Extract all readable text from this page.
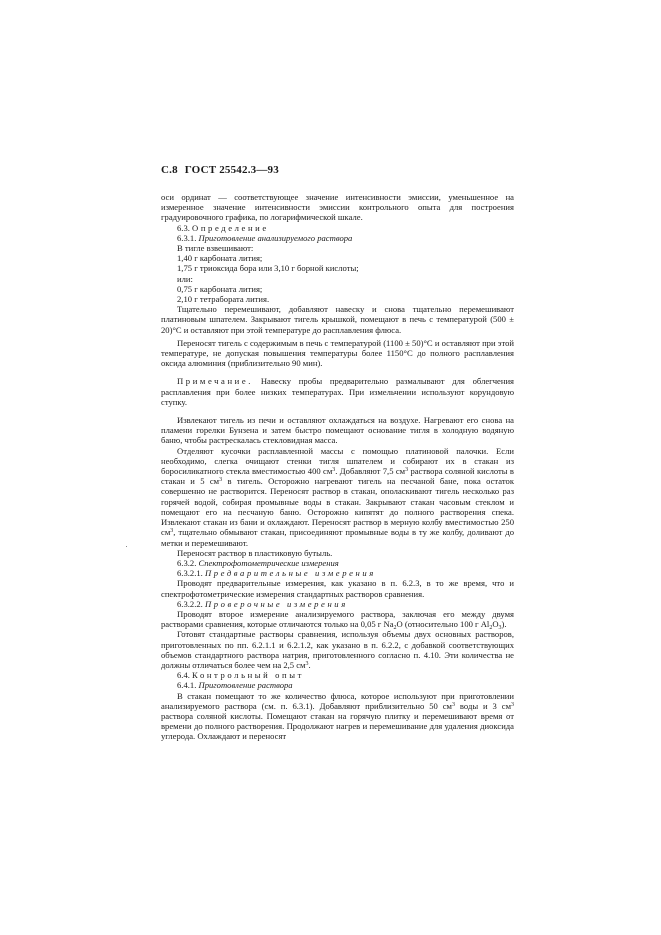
С.8 ГОСТ 25542.3—93

оси ординат — соответствующее значение интенсивности эмиссии, уменьшенное на измеренное значение интенсивности эмиссии контрольного опыта для построения градуировочного графика, по логарифмической шкале.

6.3. Определение

6.3.1. Приготовление анализируемого раствора

В тигле взвешивают:

1,40 г карбоната лития;

1,75 г триоксида бора или 3,10 г борной кислоты;

или:

0,75 г карбоната лития;

2,10 г тетрабората лития.

Тщательно перемешивают, добавляют навеску и снова тщательно перемешивают платиновым шпателем. Закрывают тигель крышкой, помещают в печь с температурой (500 ± 20)°С и оставляют при этой температуре до расплавления флюса.

Переносят тигель с содержимым в печь с температурой (1100 ± 50)°С и оставляют при этой температуре, не допуская повышения температуры более 1150°С до полного расплавления оксида алюминия (приблизительно 90 мин).

Примечание. Навеску пробы предварительно размалывают для облегчения расплавления при более низких температурах. При измельчении используют корундовую ступку.

Извлекают тигель из печи и оставляют охлаждаться на воздухе. Нагревают его снова на пламени горелки Бунзена и затем быстро помещают основание тигля в холодную водяную баню, чтобы растрескалась стекловидная масса.

Отделяют кусочки расплавленной массы с помощью платиновой палочки. Если необходимо, слегка очищают стенки тигля шпателем и собирают их в стакан из боросиликатного стекла вместимостью 400 $см^3$. Добавляют 7,5 $см^3$ раствора соляной кислоты в стакан и 5 $см^3$ в тигель. Осторожно нагревают тигель на песчаной бане, пока остаток совершенно не растворится. Переносят раствор в стакан, ополаскивают тигель несколько раз горячей водой, собирая промывные воды в стакан. Закрывают стакан часовым стеклом и помещают его на песчаную баню. Осторожно кипятят до полного растворения спека. Извлекают стакан из бани и охлаждают. Переносят раствор в мерную колбу вместимостью 250 $см^3$, тщательно обмывают стакан, присоединяют промывные воды в ту же колбу, доливают до метки и перемешивают.

Переносят раствор в пластиковую бутыль.

6.3.2. Спектрофотометрические измерения

6.3.2.1. Предварительные измерения

Проводят предварительные измерения, как указано в п. 6.2.3, в то же время, что и спектрофотометрические измерения стандартных растворов сравнения.

6.3.2.2. Проверочные измерения

Проводят второе измерение анализируемого раствора, заключая его между двумя растворами сравнения, которые отличаются только на 0,05 г $Na_2O$ (относительно 100 г $Al_2O_3$).

Готовят стандартные растворы сравнения, используя объемы двух основных растворов, приготовленных по пп. 6.2.1.1 и 6.2.1.2, как указано в п. 6.2.2, с добавкой соответствующих объемов стандартного раствора натрия, приготовленного согласно п. 4.10. Эти количества не должны отличаться более чем на 2,5 $см^3$.

6.4. Контрольный опыт

6.4.1. Приготовление раствора

В стакан помещают то же количество флюса, которое используют при приготовлении анализируемого раствора (см. п. 6.3.1). Добавляют приблизительно 50 $см^3$ воды и 3 $см^3$ раствора соляной кислоты. Помещают стакан на горячую плитку и перемешивают время от времени до полного растворения. Продолжают нагрев и перемешивание для удаления диоксида углерода. Охлаждают и переносят
